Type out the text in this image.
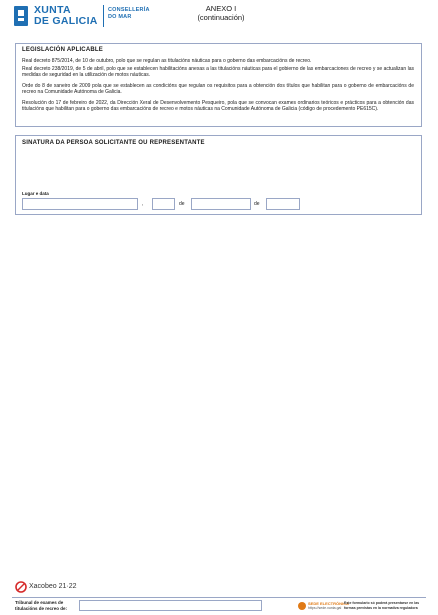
XUNTA
DE GALICIA
CONSELLERÍA
DO MAR
ANEXO I
(continuación)
LEGISLACIÓN APLICABLE
Real decreto 875/2014, de 10 de outubro, polo que se regulan as titulacións náuticas para o goberno das embarcacións de recreo.
Real decreto 238/2019, de 5 de abril, polo que se establecen habilitacións anexas a las titulacións náuticas para el gobierno de las embarcaciones de recreo y se actualizan las medidas de seguridad en la utilización de motos náuticas.
Orde do 8 de xaneiro de 2009 pola que se establecen as condicións que regulan os requisitos para a obtención dos títulos que habilitan para o goberno de embarcacións de recreo na Comunidade Autónoma de Galicia.
Resolución do 17 de febreiro de 2022, da Dirección Xeral de Desenvolvemento Pesqueiro, pola que se convocan exames ordinarios teóricos e prácticos para a obtención das titulacións que habilitan para o goberno das embarcacións de recreo e motos náuticas na Comunidade Autónoma de Galicia (código de procedemento PE615C).
SINATURA DA PERSOA SOLICITANTE OU REPRESENTANTE
Lugar e data
,	de	de
Xacobeo 21·22
Tribunal de exames de titulacións de recreo de:
SEDE ELECTRÓNICA
https://sede.xunta.gal
Este formulario só poderá presentarse en las formas previstas en la normativa reguladora
